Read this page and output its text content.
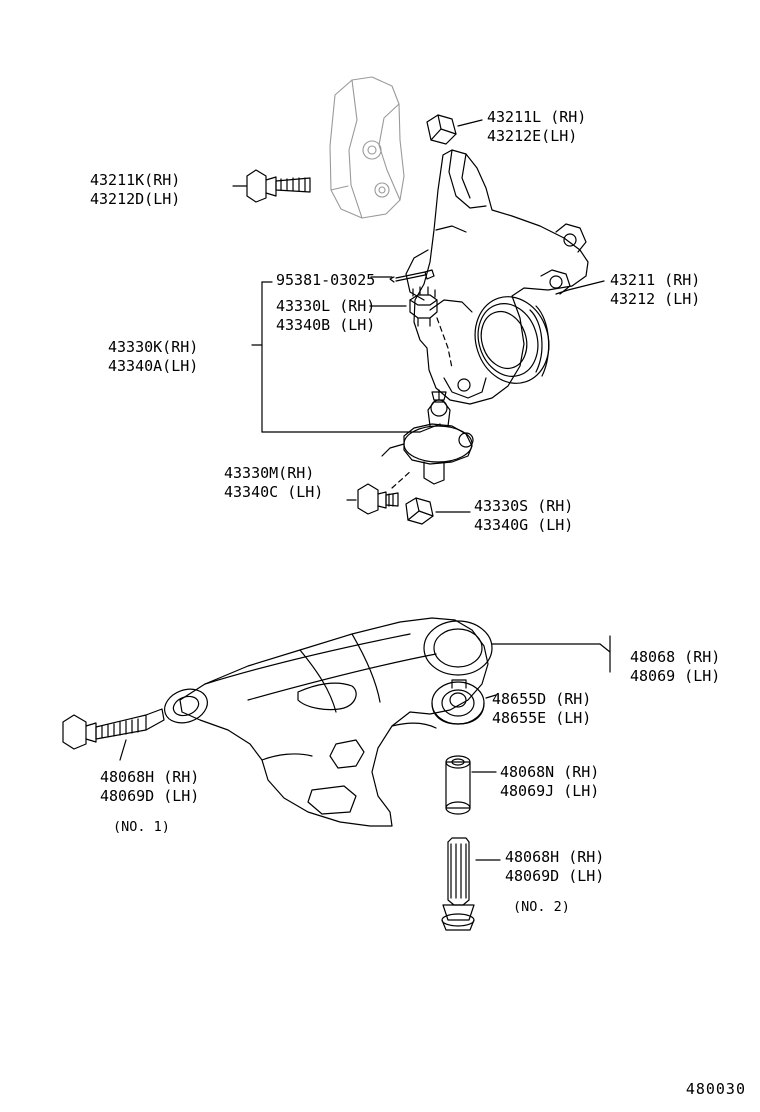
43211K(RH)
43212D(LH)
43211L (RH)
43212E(LH)
43211 (RH)
43212 (LH)
95381-03025
43330L (RH)
43340B (LH)
43330K(RH)
43340A(LH)
43330M(RH)
43340C (LH)
43330S (RH)
43340G (LH)
48068 (RH)
48069 (LH)
48655D (RH)
48655E (LH)
48068H (RH)
48069D (LH)
(NO. 1)
48068N (RH)
48069J (LH)
48068H (RH)
48069D (LH)
(NO. 2)
480030
